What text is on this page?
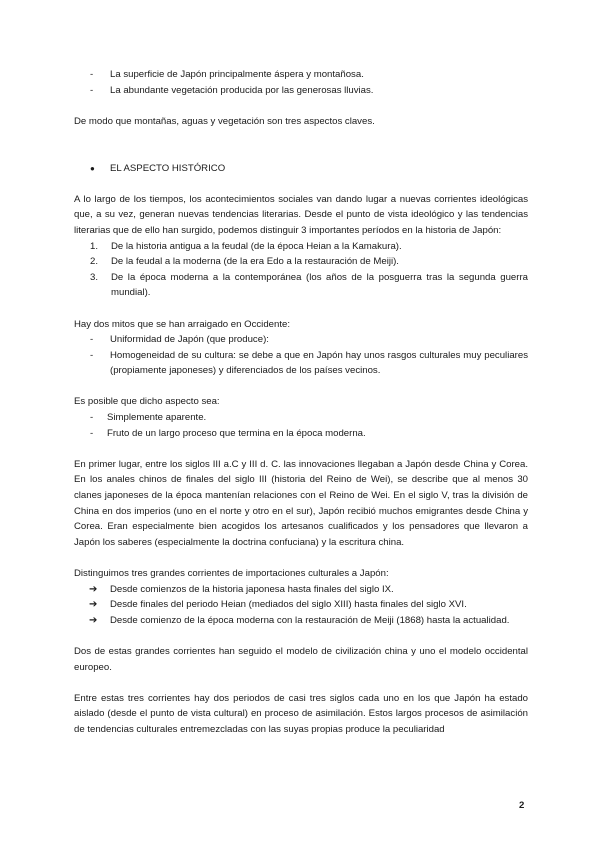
- La superficie de Japón principalmente áspera y montañosa.
- La abundante vegetación producida por las generosas lluvias.

De modo que montañas, aguas y vegetación son tres aspectos claves.

● EL ASPECTO HISTÓRICO

A lo largo de los tiempos, los acontecimientos sociales van dando lugar a nuevas corrientes ideológicas que, a su vez, generan nuevas tendencias literarias. Desde el punto de vista ideológico y las tendencias literarias que de ello han surgido, podemos distinguir 3 importantes períodos en la historia de Japón:

1. De la historia antigua a la feudal (de la época Heian a la Kamakura).
2. De la feudal a la moderna (de la era Edo a la restauración de Meiji).
3. De la época moderna a la contemporánea (los años de la posguerra tras la segunda guerra mundial).

Hay dos mitos que se han arraigado en Occidente:

- Uniformidad de Japón (que produce):
- Homogeneidad de su cultura: se debe a que en Japón hay unos rasgos culturales muy peculiares (propiamente japoneses) y diferenciados de los países vecinos.

Es posible que dicho aspecto sea:

- Simplemente aparente.
- Fruto de un largo proceso que termina en la época moderna.

En primer lugar, entre los siglos III a.C y III d. C. las innovaciones llegaban a Japón desde China y Corea. En los anales chinos de finales del siglo III (historia del Reino de Wei), se describe que al menos 30 clanes japoneses de la época mantenían relaciones con el Reino de Wei. En el siglo V, tras la división de China en dos imperios (uno en el norte y otro en el sur), Japón recibió muchos emigrantes desde China y Corea. Eran especialmente bien acogidos los artesanos cualificados y los pensadores que llevaron a Japón los saberes (especialmente la doctrina confuciana) y la escritura china.

Distinguimos tres grandes corrientes de importaciones culturales a Japón:

➔ Desde comienzos de la historia japonesa hasta finales del siglo IX.
➔ Desde finales del periodo Heian (mediados del siglo XIII) hasta finales del siglo XVI.
➔ Desde comienzo de la época moderna con la restauración de Meiji (1868) hasta la actualidad.

Dos de estas grandes corrientes han seguido el modelo de civilización china y uno el modelo occidental europeo.

Entre estas tres corrientes hay dos periodos de casi tres siglos cada uno en los que Japón ha estado aislado (desde el punto de vista cultural) en proceso de asimilación. Estos largos procesos de asimilación de tendencias culturales entremezcladas con las suyas propias produce la peculiaridad

2
